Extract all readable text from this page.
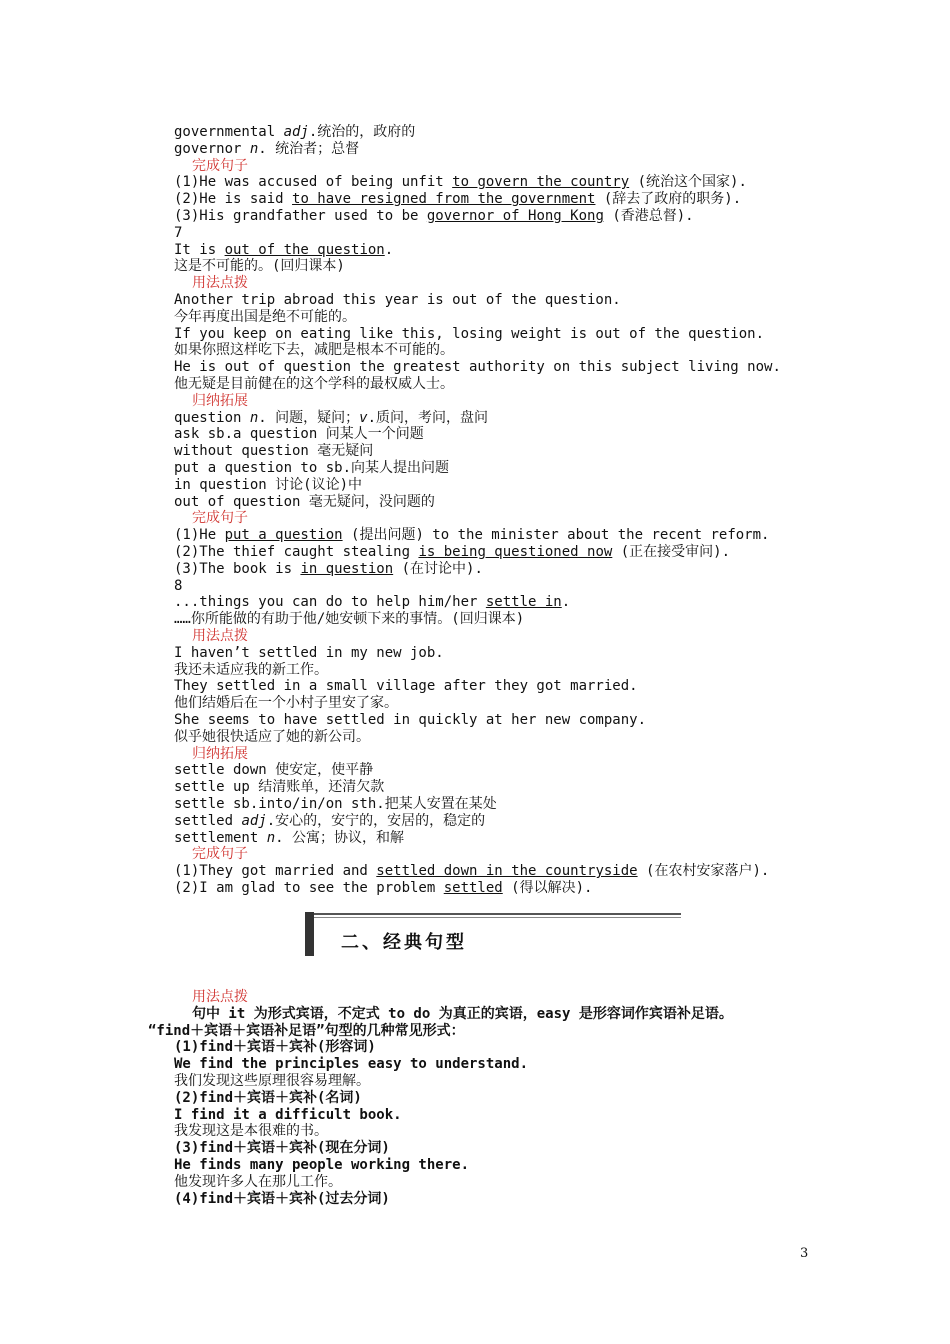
governmental adj.统治的，政府的
governor n. 统治者；总督
完成句子
(1)He was accused of being unfit to govern the country (统治这个国家).
(2)He is said to have resigned from the government (辞去了政府的职务).
(3)His grandfather used to be governor of Hong Kong (香港总督).
7
It is out of the question.
这是不可能的。(回归课本)
用法点拨
Another trip abroad this year is out of the question.
今年再度出国是绝不可能的。
If you keep on eating like this, losing weight is out of the question.
如果你照这样吃下去，减肥是根本不可能的。
He is out of question the greatest authority on this subject living now.
他无疑是目前健在的这个学科的最权威人士。
归纳拓展
question n. 问题，疑问；v.质问，考问，盘问
ask sb.a question 问某人一个问题
without question 毫无疑问
put a question to sb.向某人提出问题
in question 讨论(议论)中
out of question 毫无疑问，没问题的
完成句子
(1)He put a question (提出问题) to the minister about the recent reform.
(2)The thief caught stealing is being questioned now (正在接受审问).
(3)The book is in question (在讨论中).
8
...things you can do to help him/her settle in.
……你所能做的有助于他/她安顿下来的事情。(回归课本)
用法点拨
I haven’t settled in my new job.
我还未适应我的新工作。
They settled in a small village after they got married.
他们结婚后在一个小村子里安了家。
She seems to have settled in quickly at her new company.
似乎她很快适应了她的新公司。
归纳拓展
settle down 使安定，使平静
settle up 结清账单，还清欠款
settle sb.into/in/on sth.把某人安置在某处
settled adj.安心的，安宁的，安居的，稳定的
settlement n. 公寓；协议，和解
完成句子
(1)They got married and settled down in the countryside (在农村安家落户).
(2)I am glad to see the problem settled (得以解决).
二、经典句型
用法点拨
句中 it 为形式宾语，不定式 to do 为真正的宾语，easy 是形容词作宾语补足语。
“find＋宾语＋宾语补足语”句型的几种常见形式：
(1)find＋宾语＋宾补(形容词)
We find the principles easy to understand.
我们发现这些原理很容易理解。
(2)find＋宾语＋宾补(名词)
I find it a difficult book.
我发现这是本很难的书。
(3)find＋宾语＋宾补(现在分词)
He finds many people working there.
他发现许多人在那儿工作。
(4)find＋宾语＋宾补(过去分词)
3
